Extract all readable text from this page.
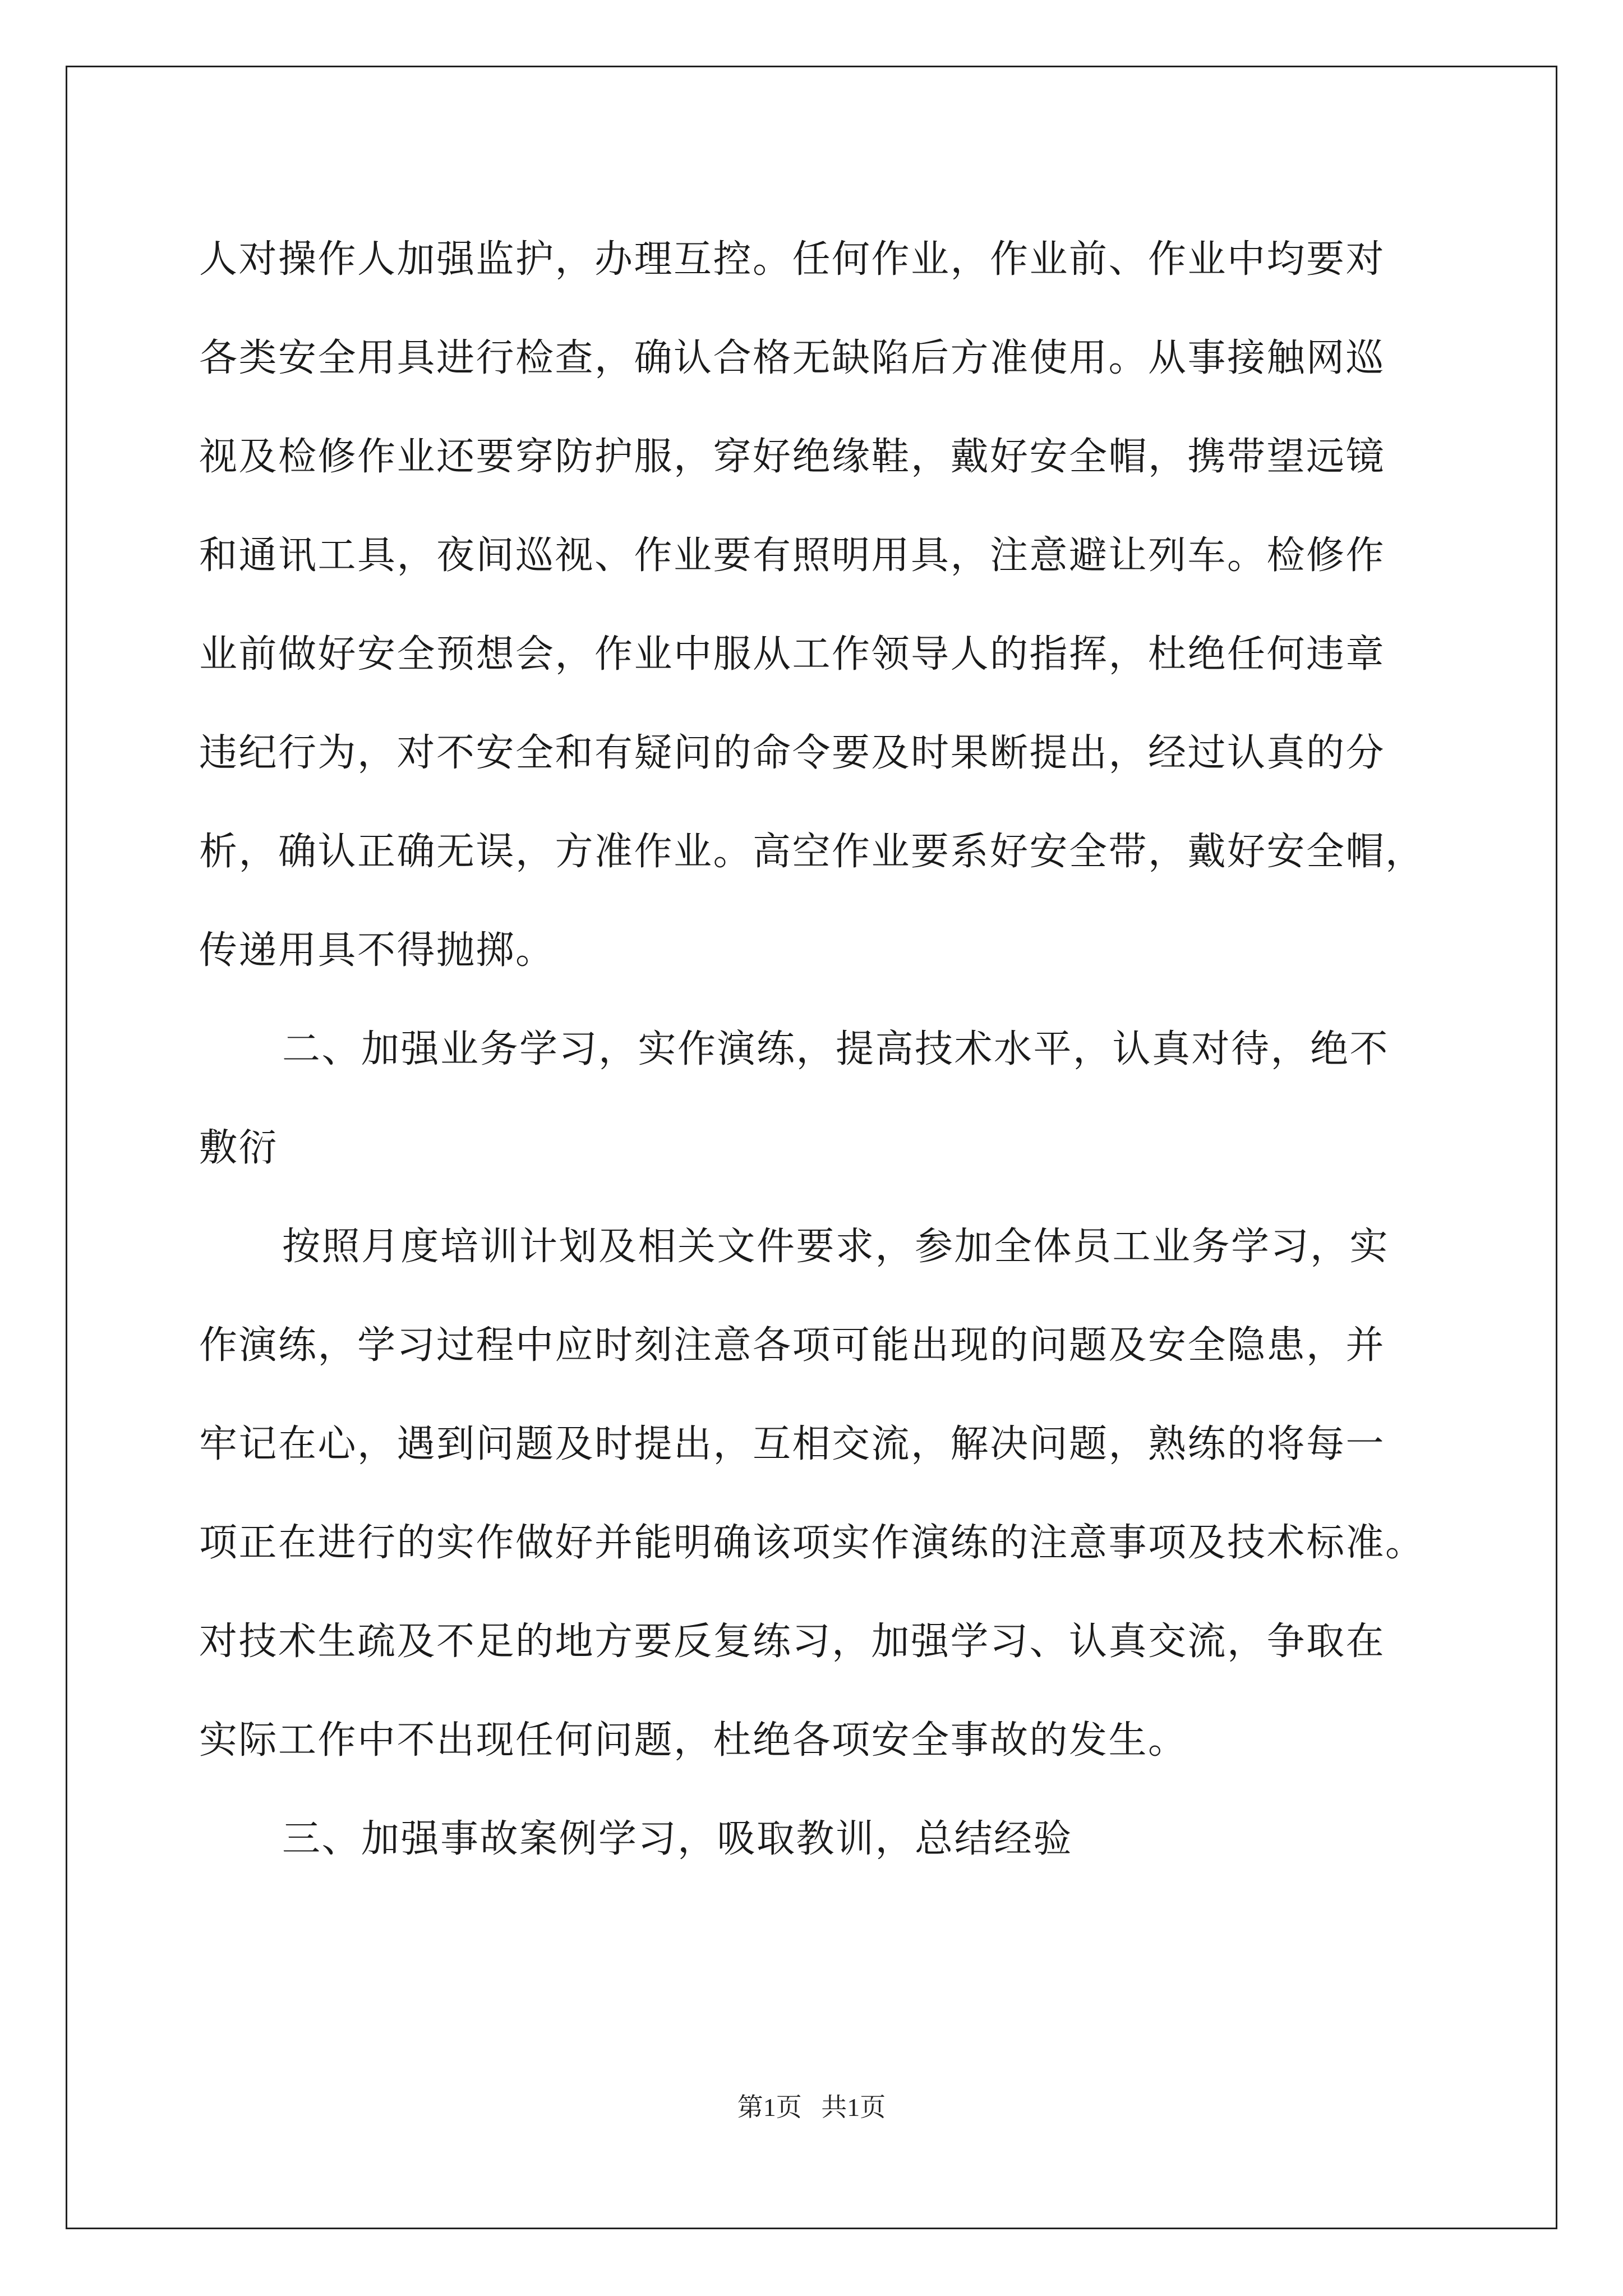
人对操作人加强监护，办理互控。任何作业，作业前、作业中均要对
各类安全用具进行检查，确认合格无缺陷后方准使用。从事接触网巡
视及检修作业还要穿防护服，穿好绝缘鞋，戴好安全帽，携带望远镜
和通讯工具，夜间巡视、作业要有照明用具，注意避让列车。检修作
业前做好安全预想会，作业中服从工作领导人的指挥，杜绝任何违章
违纪行为，对不安全和有疑问的命令要及时果断提出，经过认真的分
析，确认正确无误，方准作业。高空作业要系好安全带，戴好安全帽，
传递用具不得抛掷。
二、加强业务学习，实作演练，提高技术水平，认真对待，绝不
敷衍
按照月度培训计划及相关文件要求，参加全体员工业务学习，实
作演练，学习过程中应时刻注意各项可能出现的问题及安全隐患，并
牢记在心，遇到问题及时提出，互相交流，解决问题，熟练的将每一
项正在进行的实作做好并能明确该项实作演练的注意事项及技术标准。
对技术生疏及不足的地方要反复练习，加强学习、认真交流，争取在
实际工作中不出现任何问题，杜绝各项安全事故的发生。
三、加强事故案例学习，吸取教训，总结经验
第1页   共1页
